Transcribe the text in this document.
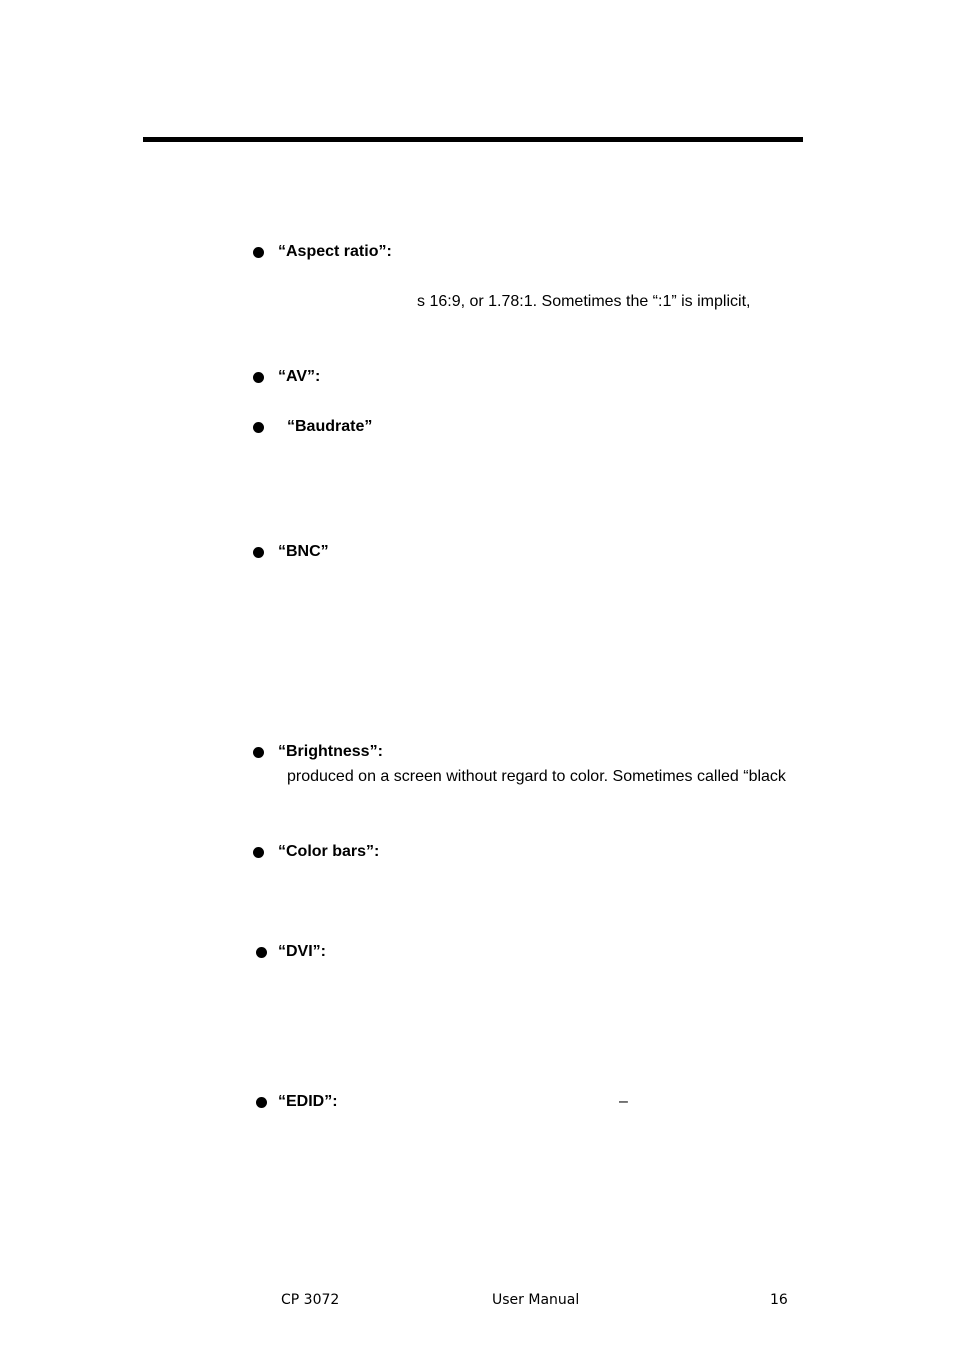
“Aspect ratio”:
s 16:9, or 1.78:1. Sometimes the “:1” is implicit,
“AV”:
“Baudrate”
“BNC”
“Brightness”:
produced on a screen without regard to color. Sometimes called “black
“Color bars”:
“DVI”:
“EDID”:	–
CP 3072	User Manual	16
